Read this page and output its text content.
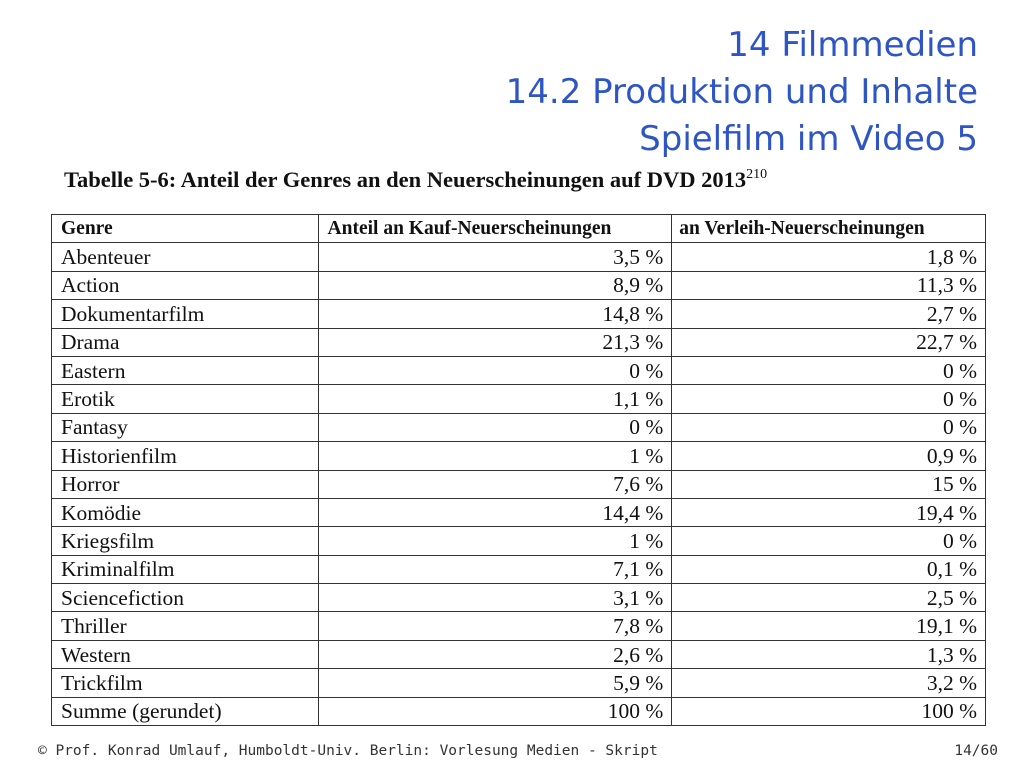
14 Filmmedien
14.2 Produktion und Inhalte
Spielfilm im Video 5

Tabelle 5-6: Anteil der Genres an den Neuerscheinungen auf DVD 2013$^{210}$

Genre	Anteil an Kauf-Neuerscheinungen	an Verleih-Neuerscheinungen
Abenteuer	3,5 %	1,8 %
Action	8,9 %	11,3 %
Dokumentarfilm	14,8 %	2,7 %
Drama	21,3 %	22,7 %
Eastern	0 %	0 %
Erotik	1,1 %	0 %
Fantasy	0 %	0 %
Historienfilm	1 %	0,9 %
Horror	7,6 %	15 %
Komödie	14,4 %	19,4 %
Kriegsfilm	1 %	0 %
Kriminalfilm	7,1 %	0,1 %
Sciencefiction	3,1 %	2,5 %
Thriller	7,8 %	19,1 %
Western	2,6 %	1,3 %
Trickfilm	5,9 %	3,2 %
Summe (gerundet)	100 %	100 %
© Prof. Konrad Umlauf, Humboldt-Univ. Berlin: Vorlesung Medien - Skript	14/60
